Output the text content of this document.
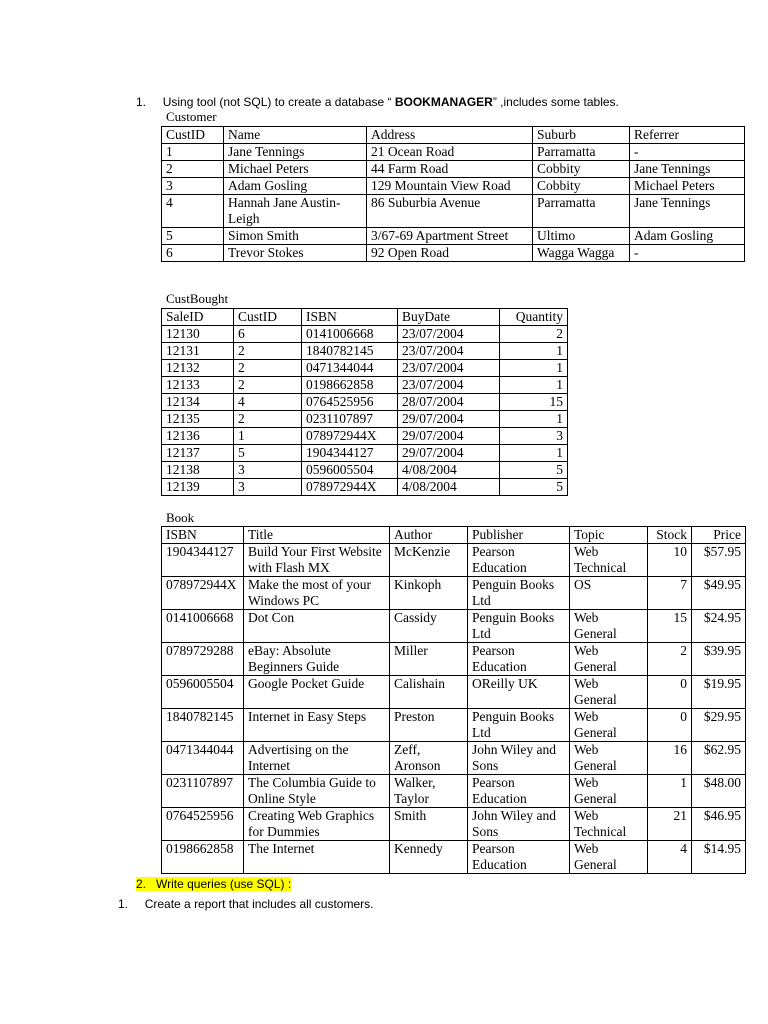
1. Using tool (not SQL) to create a database “ BOOKMANAGER” ,includes some tables.
Customer
CustID	Name	Address	Suburb	Referrer
1	Jane Tennings	21 Ocean Road	Parramatta	-
2	Michael Peters	44 Farm Road	Cobbity	Jane Tennings
3	Adam Gosling	129 Mountain View Road	Cobbity	Michael Peters
4	Hannah Jane Austin-Leigh	86 Suburbia Avenue	Parramatta	Jane Tennings
5	Simon Smith	3/67-69 Apartment Street	Ultimo	Adam Gosling
6	Trevor Stokes	92 Open Road	Wagga Wagga	-
CustBought
SaleID	CustID	ISBN	BuyDate	Quantity
12130	6	0141006668	23/07/2004	2
12131	2	1840782145	23/07/2004	1
12132	2	0471344044	23/07/2004	1
12133	2	0198662858	23/07/2004	1
12134	4	0764525956	28/07/2004	15
12135	2	0231107897	29/07/2004	1
12136	1	078972944X	29/07/2004	3
12137	5	1904344127	29/07/2004	1
12138	3	0596005504	4/08/2004	5
12139	3	078972944X	4/08/2004	5
Book
ISBN	Title	Author	Publisher	Topic	Stock	Price
1904344127	Build Your First Website with Flash MX	McKenzie	Pearson Education	Web Technical	10	$57.95
078972944X	Make the most of your Windows PC	Kinkoph	Penguin Books Ltd	OS	7	$49.95
0141006668	Dot Con	Cassidy	Penguin Books Ltd	Web General	15	$24.95
0789729288	eBay: Absolute Beginners Guide	Miller	Pearson Education	Web General	2	$39.95
0596005504	Google Pocket Guide	Calishain	OReilly UK	Web General	0	$19.95
1840782145	Internet in Easy Steps	Preston	Penguin Books Ltd	Web General	0	$29.95
0471344044	Advertising on the Internet	Zeff, Aronson	John Wiley and Sons	Web General	16	$62.95
0231107897	The Columbia Guide to Online Style	Walker, Taylor	Pearson Education	Web General	1	$48.00
0764525956	Creating Web Graphics for Dummies	Smith	John Wiley and Sons	Web Technical	21	$46.95
0198662858	The Internet	Kennedy	Pearson Education	Web General	4	$14.95
2. Write queries (use SQL) :
1. Create a report that includes all customers.
